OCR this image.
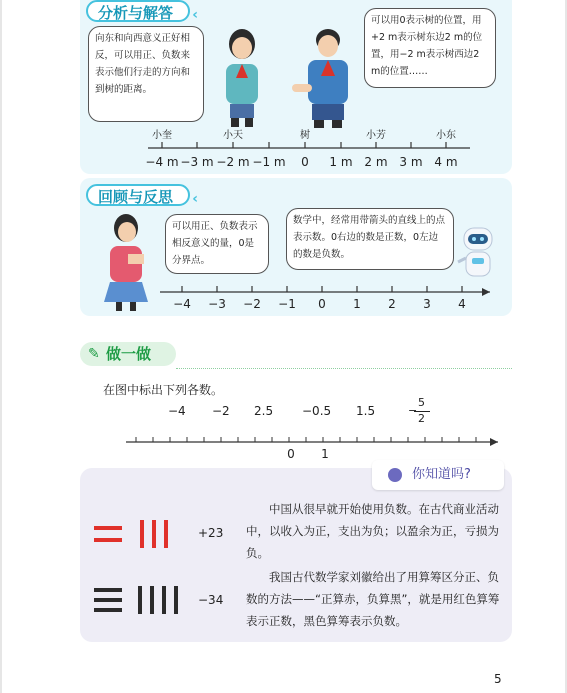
分析与解答 ‹
向东和向西意义正好相反，可以用正、负数来表示他们行走的方向和到树的距离。
可以用0表示树的位置，用+2 m表示树东边2 m的位置，用−2 m表示树西边2 m的位置……
小奎	小天	树	小芳	小东
−4 m −3 m −2 m −1 m 0 1 m 2 m 3 m 4 m
回顾与反思 ‹
可以用正、负数表示相反意义的量，0是分界点。
数学中，经常用带箭头的直线上的点表示数。0右边的数是正数，0左边的数是负数。
−4 −3 −2 −1 0 1 2 3 4
✎ 做一做
在图中标出下列各数。
−4 −2 2.5 −0.5 1.5	−
5
2
0 1
你知道吗?
+23
−34
中国从很早就开始使用负数。在古代商业活动中，以收入为正，支出为负；以盈余为正，亏损为负。
我国古代数学家刘徽给出了用算筹区分正、负数的方法——“正算赤，负算黑”，就是用红色算筹表示正数，黑色算筹表示负数。
5
